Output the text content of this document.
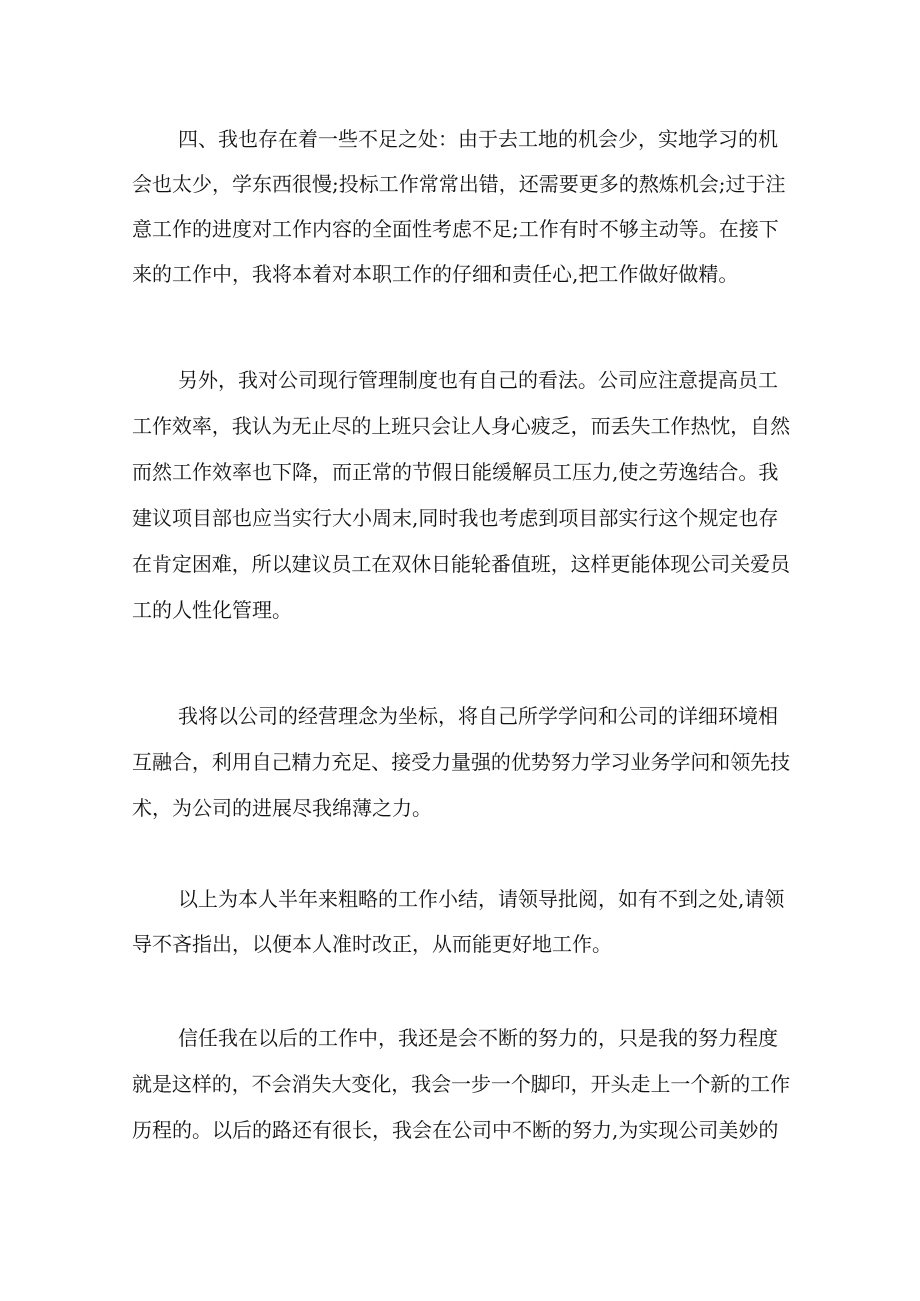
四、我也存在着一些不足之处：由于去工地的机会少，实地学习的机
会也太少，学东西很慢;投标工作常常出错，还需要更多的熬炼机会;过于注
意工作的进度对工作内容的全面性考虑不足;工作有时不够主动等。在接下
来的工作中，我将本着对本职工作的仔细和责任心,把工作做好做精。
另外，我对公司现行管理制度也有自己的看法。公司应注意提高员工
工作效率，我认为无止尽的上班只会让人身心疲乏，而丢失工作热忱，自然
而然工作效率也下降，而正常的节假日能缓解员工压力,使之劳逸结合。我
建议项目部也应当实行大小周末,同时我也考虑到项目部实行这个规定也存
在肯定困难，所以建议员工在双休日能轮番值班，这样更能体现公司关爱员
工的人性化管理。
我将以公司的经营理念为坐标，将自己所学学问和公司的详细环境相
互融合，利用自己精力充足、接受力量强的优势努力学习业务学问和领先技
术，为公司的进展尽我绵薄之力。
以上为本人半年来粗略的工作小结，请领导批阅，如有不到之处,请领
导不吝指出，以便本人准时改正，从而能更好地工作。
信任我在以后的工作中，我还是会不断的努力的，只是我的努力程度
就是这样的，不会消失大变化，我会一步一个脚印，开头走上一个新的工作
历程的。以后的路还有很长，我会在公司中不断的努力,为实现公司美妙的
